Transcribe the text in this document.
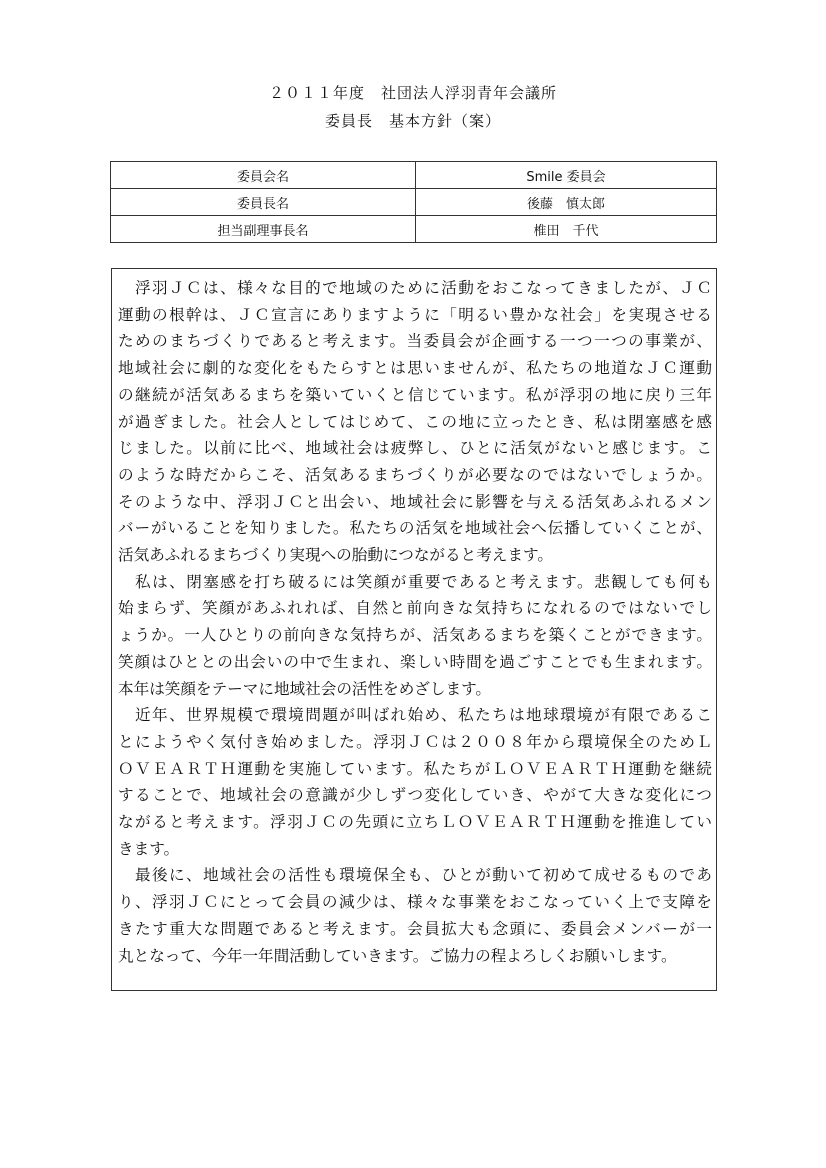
２０１１年度　社団法人浮羽青年会議所
委員長　基本方針（案）
委員会名	Smile 委員会
委員長名	後藤　慎太郎
担当副理事長名	椎田　千代
　浮羽ＪＣは、様々な目的で地域のために活動をおこなってきましたが、ＪＣ
運動の根幹は、ＪＣ宣言にありますように「明るい豊かな社会」を実現させる
ためのまちづくりであると考えます。当委員会が企画する一つ一つの事業が、
地域社会に劇的な変化をもたらすとは思いませんが、私たちの地道なＪＣ運動
の継続が活気あるまちを築いていくと信じています。私が浮羽の地に戻り三年
が過ぎました。社会人としてはじめて、この地に立ったとき、私は閉塞感を感
じました。以前に比べ、地域社会は疲弊し、ひとに活気がないと感じます。こ
のような時だからこそ、活気あるまちづくりが必要なのではないでしょうか。
そのような中、浮羽ＪＣと出会い、地域社会に影響を与える活気あふれるメン
バーがいることを知りました。私たちの活気を地域社会へ伝播していくことが、
活気あふれるまちづくり実現への胎動につながると考えます。
　私は、閉塞感を打ち破るには笑顔が重要であると考えます。悲観しても何も
始まらず、笑顔があふれれば、自然と前向きな気持ちになれるのではないでし
ょうか。一人ひとりの前向きな気持ちが、活気あるまちを築くことができます。
笑顔はひととの出会いの中で生まれ、楽しい時間を過ごすことでも生まれます。
本年は笑顔をテーマに地域社会の活性をめざします。
　近年、世界規模で環境問題が叫ばれ始め、私たちは地球環境が有限であるこ
とにようやく気付き始めました。浮羽ＪＣは２００８年から環境保全のためＬ
ＯＶＥＡＲＴＨ運動を実施しています。私たちがＬＯＶＥＡＲＴＨ運動を継続
することで、地域社会の意識が少しずつ変化していき、やがて大きな変化につ
ながると考えます。浮羽ＪＣの先頭に立ちＬＯＶＥＡＲＴＨ運動を推進してい
きます。
　最後に、地域社会の活性も環境保全も、ひとが動いて初めて成せるものであ
り、浮羽ＪＣにとって会員の減少は、様々な事業をおこなっていく上で支障を
きたす重大な問題であると考えます。会員拡大も念頭に、委員会メンバーが一
丸となって、今年一年間活動していきます。ご協力の程よろしくお願いします。
